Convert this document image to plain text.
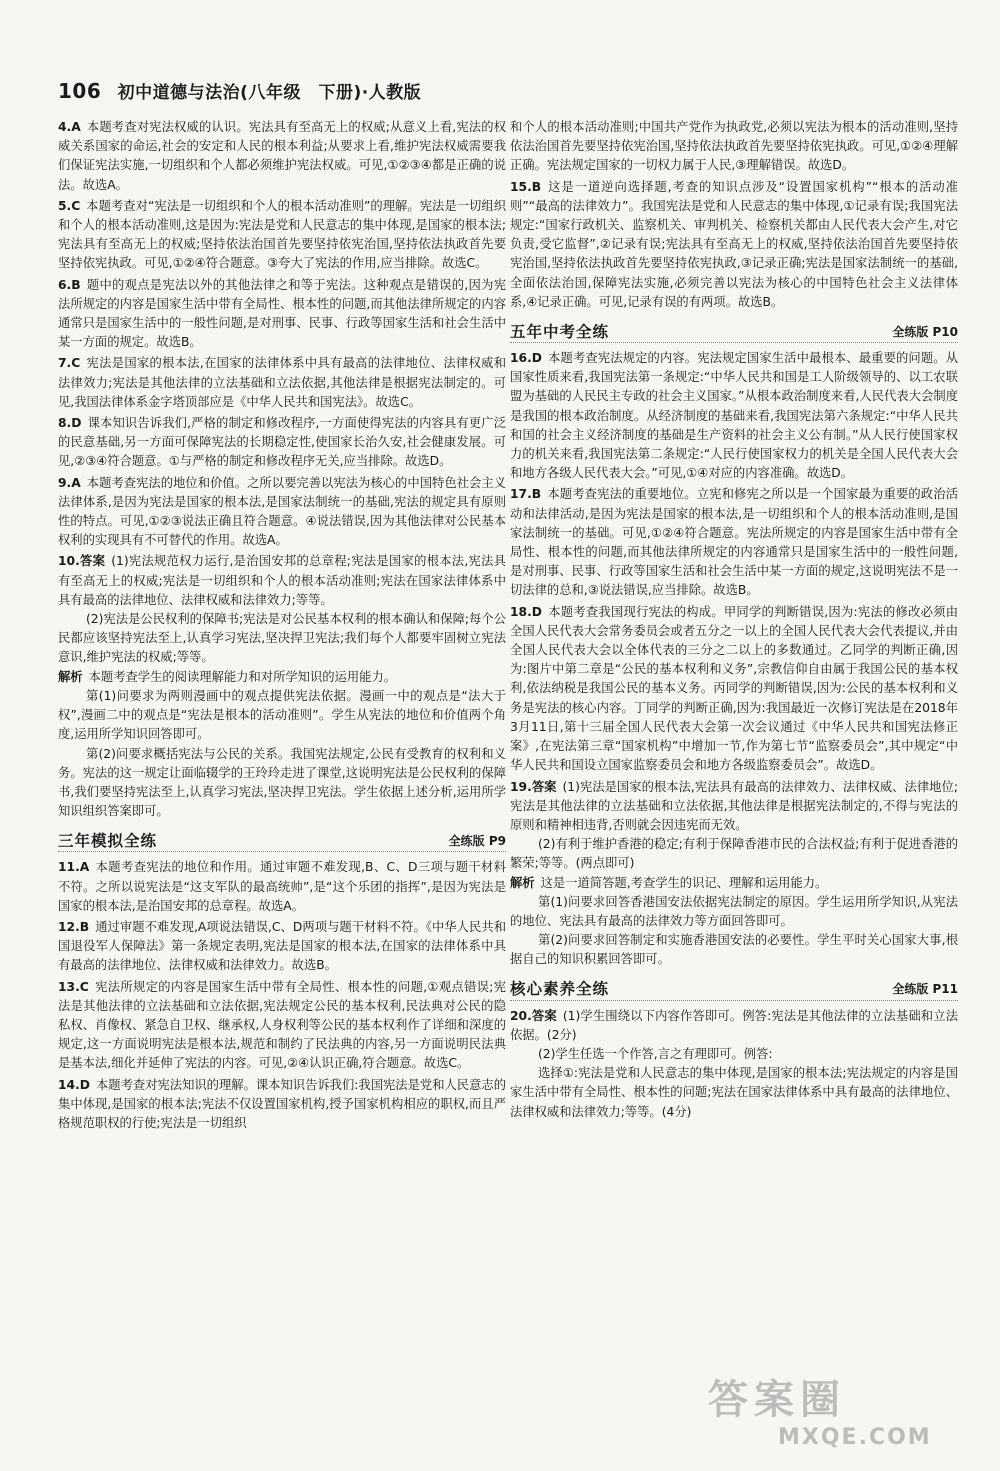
106 初中道德与法治(八年级　下册)·人教版
4.A 本题考查对宪法权威的认识。宪法具有至高无上的权威;从意义上看,宪法的权威关系国家的命运,社会的安定和人民的根本利益;从要求上看,维护宪法权威需要我们保证宪法实施,一切组织和个人都必须维护宪法权威。可见,①②③④都是正确的说法。故选A。
5.C 本题考查对“宪法是一切组织和个人的根本活动准则”的理解。宪法是一切组织和个人的根本活动准则,这是因为:宪法是党和人民意志的集中体现,是国家的根本法;宪法具有至高无上的权威;坚持依法治国首先要坚持依宪治国,坚持依法执政首先要坚持依宪执政。可见,①②④符合题意。③夸大了宪法的作用,应当排除。故选C。
6.B 题中的观点是宪法以外的其他法律之和等于宪法。这种观点是错误的,因为宪法所规定的内容是国家生活中带有全局性、根本性的问题,而其他法律所规定的内容通常只是国家生活中的一般性问题,是对刑事、民事、行政等国家生活和社会生活中某一方面的规定。故选B。
7.C 宪法是国家的根本法,在国家的法律体系中具有最高的法律地位、法律权威和法律效力;宪法是其他法律的立法基础和立法依据,其他法律是根据宪法制定的。可见,我国法律体系金字塔顶部应是《中华人民共和国宪法》。故选C。
8.D 课本知识告诉我们,严格的制定和修改程序,一方面使得宪法的内容具有更广泛的民意基础,另一方面可保障宪法的长期稳定性,使国家长治久安,社会健康发展。可见,②③④符合题意。①与严格的制定和修改程序无关,应当排除。故选D。
9.A 本题考查宪法的地位和价值。之所以要完善以宪法为核心的中国特色社会主义法律体系,是因为宪法是国家的根本法,是国家法制统一的基础,宪法的规定具有原则性的特点。可见,①②③说法正确且符合题意。④说法错误,因为其他法律对公民基本权利的实现具有不可替代的作用。故选A。
10.答案 (1)宪法规范权力运行,是治国安邦的总章程;宪法是国家的根本法,宪法具有至高无上的权威;宪法是一切组织和个人的根本活动准则;宪法在国家法律体系中具有最高的法律地位、法律权威和法律效力;等等。
(2)宪法是公民权利的保障书;宪法是对公民基本权利的根本确认和保障;每个公民都应该坚持宪法至上,认真学习宪法,坚决捍卫宪法;我们每个人都要牢固树立宪法意识,维护宪法的权威;等等。
解析 本题考查学生的阅读理解能力和对所学知识的运用能力。
第(1)问要求为两则漫画中的观点提供宪法依据。漫画一中的观点是“法大于权”,漫画二中的观点是“宪法是根本的活动准则”。学生从宪法的地位和价值两个角度,运用所学知识回答即可。
第(2)问要求概括宪法与公民的关系。我国宪法规定,公民有受教育的权利和义务。宪法的这一规定让面临辍学的王玲玲走进了课堂,这说明宪法是公民权利的保障书,我们要坚持宪法至上,认真学习宪法,坚决捍卫宪法。学生依据上述分析,运用所学知识组织答案即可。
三年模拟全练	全练版 P9
11.A 本题考查宪法的地位和作用。通过审题不难发现,B、C、D三项与题干材料不符。之所以说宪法是“这支军队的最高统帅”,是“这个乐团的指挥”,是因为宪法是国家的根本法,是治国安邦的总章程。故选A。
12.B 通过审题不难发现,A项说法错误,C、D两项与题干材料不符。《中华人民共和国退役军人保障法》第一条规定表明,宪法是国家的根本法,在国家的法律体系中具有最高的法律地位、法律权威和法律效力。故选B。
13.C 宪法所规定的内容是国家生活中带有全局性、根本性的问题,①观点错误;宪法是其他法律的立法基础和立法依据,宪法规定公民的基本权利,民法典对公民的隐私权、肖像权、紧急自卫权、继承权,人身权利等公民的基本权利作了详细和深度的规定,这一方面说明宪法是根本法,规范和制约了民法典的内容,另一方面说明民法典是基本法,细化并延伸了宪法的内容。可见,②④认识正确,符合题意。故选C。
14.D 本题考查对宪法知识的理解。课本知识告诉我们:我国宪法是党和人民意志的集中体现,是国家的根本法;宪法不仅设置国家机构,授予国家机构相应的职权,而且严格规范职权的行使;宪法是一切组织
和个人的根本活动准则;中国共产党作为执政党,必须以宪法为根本的活动准则,坚持依法治国首先要坚持依宪治国,坚持依法执政首先要坚持依宪执政。可见,①②④理解正确。宪法规定国家的一切权力属于人民,③理解错误。故选D。
15.B 这是一道逆向选择题,考查的知识点涉及“设置国家机构”“根本的活动准则”“最高的法律效力”。我国宪法是党和人民意志的集中体现,①记录有误;我国宪法规定:“国家行政机关、监察机关、审判机关、检察机关都由人民代表大会产生,对它负责,受它监督”,②记录有误;宪法具有至高无上的权威,坚持依法治国首先要坚持依宪治国,坚持依法执政首先要坚持依宪执政,③记录正确;宪法是国家法制统一的基础,全面依法治国,保障宪法实施,必须完善以宪法为核心的中国特色社会主义法律体系,④记录正确。可见,记录有误的有两项。故选B。
五年中考全练	全练版 P10
16.D 本题考查宪法规定的内容。宪法规定国家生活中最根本、最重要的问题。从国家性质来看,我国宪法第一条规定:“中华人民共和国是工人阶级领导的、以工农联盟为基础的人民民主专政的社会主义国家。”从根本政治制度来看,人民代表大会制度是我国的根本政治制度。从经济制度的基础来看,我国宪法第六条规定:“中华人民共和国的社会主义经济制度的基础是生产资料的社会主义公有制。”从人民行使国家权力的机关来看,我国宪法第二条规定:“人民行使国家权力的机关是全国人民代表大会和地方各级人民代表大会。”可见,①④对应的内容准确。故选D。
17.B 本题考查宪法的重要地位。立宪和修宪之所以是一个国家最为重要的政治活动和法律活动,是因为宪法是国家的根本法,是一切组织和个人的根本活动准则,是国家法制统一的基础。可见,①②④符合题意。宪法所规定的内容是国家生活中带有全局性、根本性的问题,而其他法律所规定的内容通常只是国家生活中的一般性问题,是对刑事、民事、行政等国家生活和社会生活中某一方面的规定,这说明宪法不是一切法律的总和,③说法错误,应当排除。故选B。
18.D 本题考查我国现行宪法的构成。甲同学的判断错误,因为:宪法的修改必须由全国人民代表大会常务委员会或者五分之一以上的全国人民代表大会代表提议,并由全国人民代表大会以全体代表的三分之二以上的多数通过。乙同学的判断正确,因为:图片中第二章是“公民的基本权利和义务”,宗教信仰自由属于我国公民的基本权利,依法纳税是我国公民的基本义务。丙同学的判断错误,因为:公民的基本权利和义务是宪法的核心内容。丁同学的判断正确,因为:我国最近一次修订宪法是在2018年3月11日,第十三届全国人民代表大会第一次会议通过《中华人民共和国宪法修正案》,在宪法第三章“国家机构”中增加一节,作为第七节“监察委员会”,其中规定“中华人民共和国设立国家监察委员会和地方各级监察委员会”。故选D。
19.答案 (1)宪法是国家的根本法,宪法具有最高的法律效力、法律权威、法律地位;宪法是其他法律的立法基础和立法依据,其他法律是根据宪法制定的,不得与宪法的原则和精神相违背,否则就会因违宪而无效。
(2)有利于维护香港的稳定;有利于保障香港市民的合法权益;有利于促进香港的繁荣;等等。(两点即可)
解析 这是一道简答题,考查学生的识记、理解和运用能力。
第(1)问要求回答香港国安法依据宪法制定的原因。学生运用所学知识,从宪法的地位、宪法具有最高的法律效力等方面回答即可。
第(2)问要求回答制定和实施香港国安法的必要性。学生平时关心国家大事,根据自己的知识积累回答即可。
核心素养全练	全练版 P11
20.答案 (1)学生围绕以下内容作答即可。例答:宪法是其他法律的立法基础和立法依据。(2分)
(2)学生任选一个作答,言之有理即可。例答:
选择①:宪法是党和人民意志的集中体现,是国家的根本法;宪法规定的内容是国家生活中带有全局性、根本性的问题;宪法在国家法律体系中具有最高的法律地位、法律权威和法律效力;等等。(4分)
答案圈
MXQE.COM
